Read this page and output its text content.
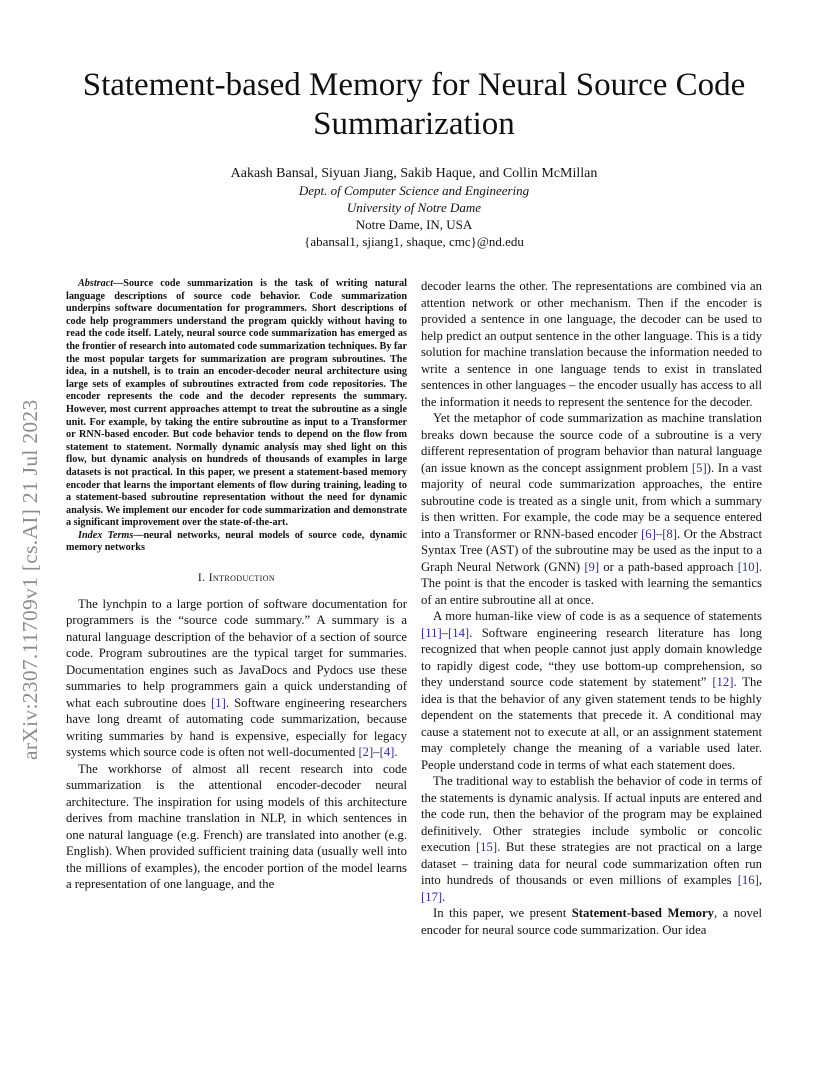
arXiv:2307.11709v1 [cs.AI] 21 Jul 2023
Statement-based Memory for Neural Source Code Summarization
Aakash Bansal, Siyuan Jiang, Sakib Haque, and Collin McMillan
Dept. of Computer Science and Engineering
University of Notre Dame
Notre Dame, IN, USA
{abansal1, sjiang1, shaque, cmc}@nd.edu

Abstract—Source code summarization is the task of writing natural language descriptions of source code behavior. Code summarization underpins software documentation for programmers. Short descriptions of code help programmers understand the program quickly without having to read the code itself. Lately, neural source code summarization has emerged as the frontier of research into automated code summarization techniques. By far the most popular targets for summarization are program subroutines. The idea, in a nutshell, is to train an encoder-decoder neural architecture using large sets of examples of subroutines extracted from code repositories. The encoder represents the code and the decoder represents the summary. However, most current approaches attempt to treat the subroutine as a single unit. For example, by taking the entire subroutine as input to a Transformer or RNN-based encoder. But code behavior tends to depend on the flow from statement to statement. Normally dynamic analysis may shed light on this flow, but dynamic analysis on hundreds of thousands of examples in large datasets is not practical. In this paper, we present a statement-based memory encoder that learns the important elements of flow during training, leading to a statement-based subroutine representation without the need for dynamic analysis. We implement our encoder for code summarization and demonstrate a significant improvement over the state-of-the-art.

Index Terms—neural networks, neural models of source code, dynamic memory networks

I. Introduction

The lynchpin to a large portion of software documentation for programmers is the “source code summary.” A summary is a natural language description of the behavior of a section of source code. Program subroutines are the typical target for summaries. Documentation engines such as JavaDocs and Pydocs use these summaries to help programmers gain a quick understanding of what each subroutine does [1]. Software engineering researchers have long dreamt of automating code summarization, because writing summaries by hand is expensive, especially for legacy systems which source code is often not well-documented [2]–[4].

The workhorse of almost all recent research into code summarization is the attentional encoder-decoder neural architecture. The inspiration for using models of this architecture derives from machine translation in NLP, in which sentences in one natural language (e.g. French) are translated into another (e.g. English). When provided sufficient training data (usually well into the millions of examples), the encoder portion of the model learns a representation of one language, and the

decoder learns the other. The representations are combined via an attention network or other mechanism. Then if the encoder is provided a sentence in one language, the decoder can be used to help predict an output sentence in the other language. This is a tidy solution for machine translation because the information needed to write a sentence in one language tends to exist in translated sentences in other languages – the encoder usually has access to all the information it needs to represent the sentence for the decoder.

Yet the metaphor of code summarization as machine translation breaks down because the source code of a subroutine is a very different representation of program behavior than natural language (an issue known as the concept assignment problem [5]). In a vast majority of neural code summarization approaches, the entire subroutine code is treated as a single unit, from which a summary is then written. For example, the code may be a sequence entered into a Transformer or RNN-based encoder [6]–[8]. Or the Abstract Syntax Tree (AST) of the subroutine may be used as the input to a Graph Neural Network (GNN) [9] or a path-based approach [10]. The point is that the encoder is tasked with learning the semantics of an entire subroutine all at once.

A more human-like view of code is as a sequence of statements [11]–[14]. Software engineering research literature has long recognized that when people cannot just apply domain knowledge to rapidly digest code, “they use bottom-up comprehension, so they understand source code statement by statement” [12]. The idea is that the behavior of any given statement tends to be highly dependent on the statements that precede it. A conditional may cause a statement not to execute at all, or an assignment statement may completely change the meaning of a variable used later. People understand code in terms of what each statement does.

The traditional way to establish the behavior of code in terms of the statements is dynamic analysis. If actual inputs are entered and the code run, then the behavior of the program may be explained definitively. Other strategies include symbolic or concolic execution [15]. But these strategies are not practical on a large dataset – training data for neural code summarization often run into hundreds of thousands or even millions of examples [16], [17].

In this paper, we present Statement-based Memory, a novel encoder for neural source code summarization. Our idea
